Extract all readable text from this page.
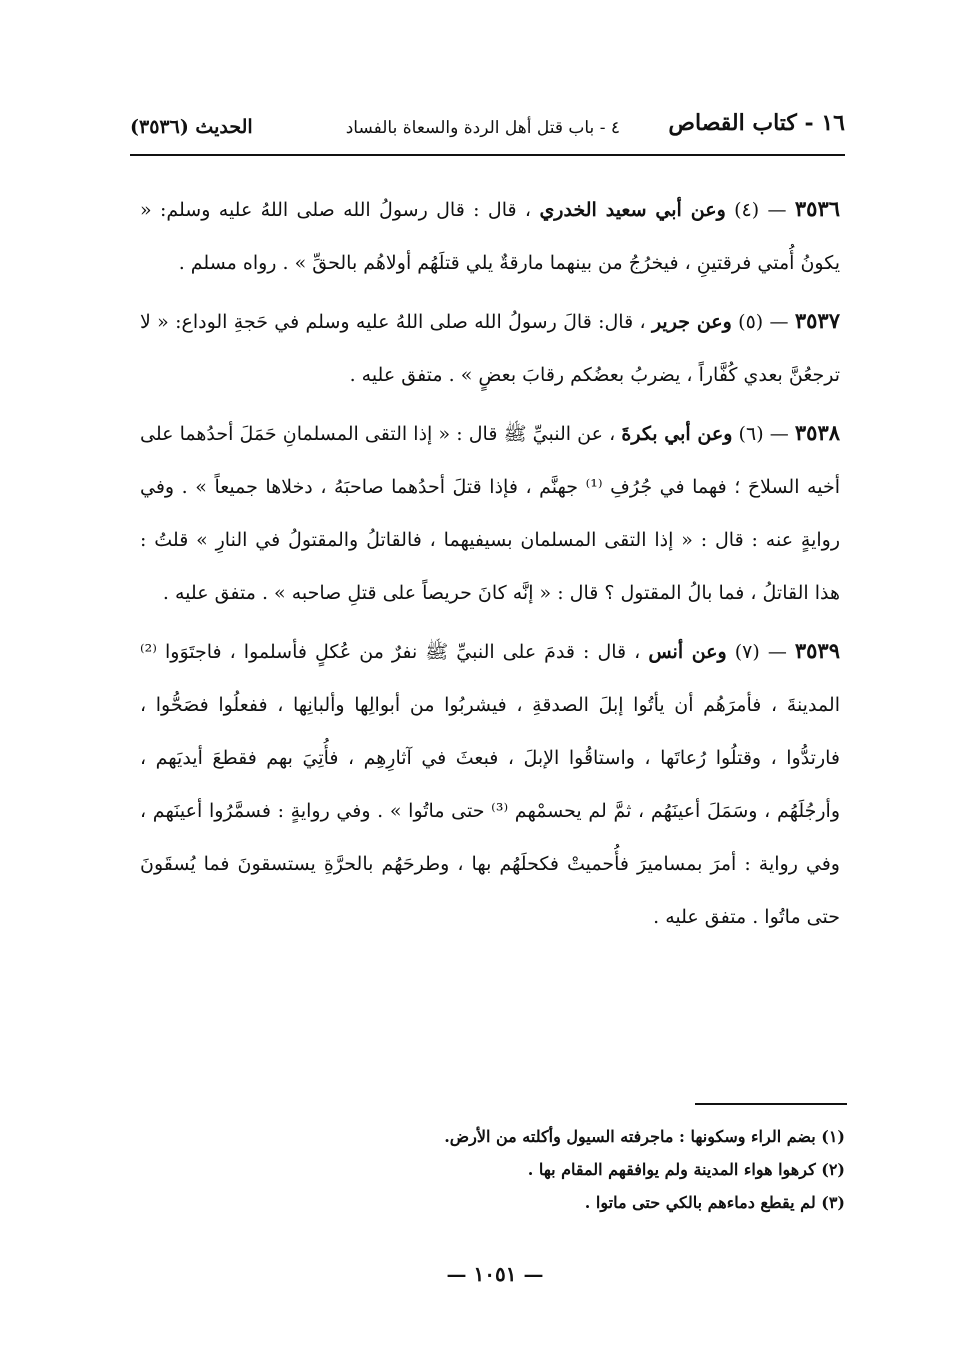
١٦ - كتاب القصاص
٤ - باب قتل أهل الردة والسعاة بالفساد
الحديث (٣٥٣٦)

٣٥٣٦ — (٤) وعن أبي سعيد الخدري ، قال : قال رسولُ الله صلى اللهُ عليه وسلم: « يكونُ أُمتي فرقتينِ ، فيخرُجُ من بينهما مارقةٌ يلي قتلَهُم أولاهُم بالحقِّ » . رواه مسلم .

٣٥٣٧ — (٥) وعن جرير ، قال: قالَ رسولُ الله صلى اللهُ عليه وسلم في حَجةِ الوداع: « لا ترجعُنَّ بعدي كُفَّاراً ، يضربُ بعضُكم رقابَ بعضٍ » . متفق عليه .

٣٥٣٨ — (٦) وعن أبي بكرةَ ، عن النبيِّ ﷺ قال : « إذا التقى المسلمانِ حَمَلَ أحدُهما على أخيه السلاحَ ؛ فهما في جُرُفِ ⁽¹⁾ جهنَّم ، فإذا قتلَ أحدُهما صاحبَهُ ، دخلاها جميعاً » . وفي روايةٍ عنه : قال : « إذا التقى المسلمان بسيفيهما ، فالقاتلُ والمقتولُ في النارِ » قلتُ : هذا القاتلُ ، فما بالُ المقتول ؟ قال : « إنَّه كانَ حريصاً على قتلِ صاحبه » . متفق عليه .

٣٥٣٩ — (٧) وعن أنس ، قال : قدمَ على النبيِّ ﷺ نفرٌ من عُكلٍ فأسلموا ، فاجتَوَوا ⁽²⁾ المدينةَ ، فأمرَهُم أن يأتُوا إبلَ الصدقةِ ، فيشربُوا من أبوالِها وألبانِها ، ففعلُوا فصَحُّوا ، فارتدُّوا ، وقتلُوا رُعاتَها ، واستاقُوا الإبلَ ، فبعثَ في آثارِهِم ، فأُتِيَ بهم فقطعَ أيديَهم ، وأرجُلَهُم ، وسَمَلَ أعينَهُم ، ثمَّ لم يحسمْهم ⁽³⁾ حتى ماتُوا » . وفي روايةٍ : فسمَّرُوا أعينَهم ، وفي رواية : أمرَ بمساميرَ فأُحميتْ فكحلَهُم بها ، وطرحَهُم بالحرَّةِ يستسقونَ فما يُسقَونَ حتى ماتُوا . متفق عليه .

(١) بضم الراء وسكونها : ماجرفته السيول وأكلته من الأرض.

(٢) كرهوا هواء المدينة ولم يوافقهم المقام بها .

(٣) لم يقطع دماءهم بالكي حتى ماتوا .

— ١٠٥١ —
